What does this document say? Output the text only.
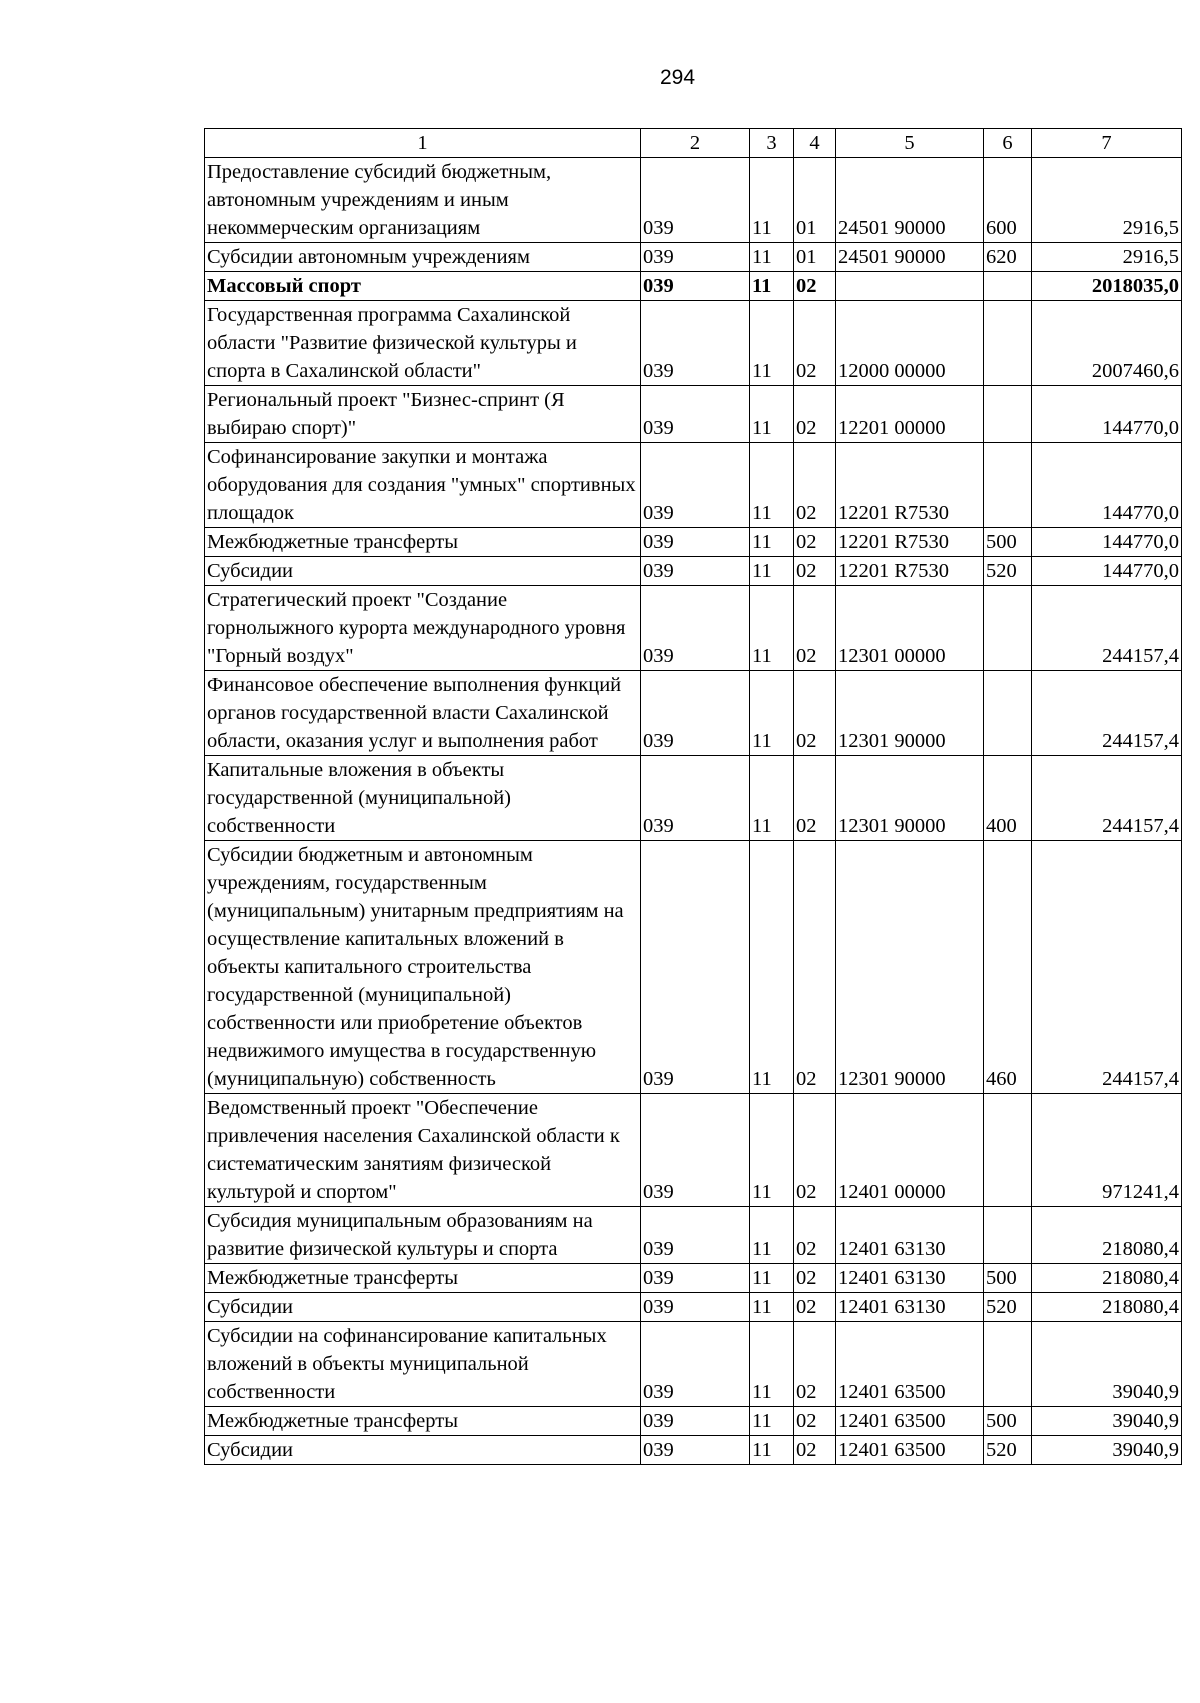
294
1	2	3	4	5	6	7
Предоставление субсидий бюджетным, автономным учреждениям и иным некоммерческим организациям	039	11	01	24501 90000	600	2916,5
Субсидии автономным учреждениям	039	11	01	24501 90000	620	2916,5
Массовый спорт	039	11	02			2018035,0
Государственная программа Сахалинской области "Развитие физической культуры и спорта в Сахалинской области"	039	11	02	12000 00000		2007460,6
Региональный проект "Бизнес-спринт (Я выбираю спорт)"	039	11	02	12201 00000		144770,0
Софинансирование закупки и монтажа оборудования для создания "умных" спортивных площадок	039	11	02	12201 R7530		144770,0
Межбюджетные трансферты	039	11	02	12201 R7530	500	144770,0
Субсидии	039	11	02	12201 R7530	520	144770,0
Стратегический проект "Создание горнолыжного курорта международного уровня "Горный воздух"	039	11	02	12301 00000		244157,4
Финансовое обеспечение выполнения функций органов государственной власти Сахалинской области, оказания услуг и выполнения работ	039	11	02	12301 90000		244157,4
Капитальные вложения в объекты государственной (муниципальной) собственности	039	11	02	12301 90000	400	244157,4
Субсидии бюджетным и автономным учреждениям, государственным (муниципальным) унитарным предприятиям на осуществление капитальных вложений в объекты капитального строительства государственной (муниципальной) собственности или приобретение объектов недвижимого имущества в государственную (муниципальную) собственность	039	11	02	12301 90000	460	244157,4
Ведомственный проект "Обеспечение привлечения населения Сахалинской области к систематическим занятиям физической культурой и спортом"	039	11	02	12401 00000		971241,4
Субсидия муниципальным образованиям на развитие физической культуры и спорта	039	11	02	12401 63130		218080,4
Межбюджетные трансферты	039	11	02	12401 63130	500	218080,4
Субсидии	039	11	02	12401 63130	520	218080,4
Субсидии на софинансирование капитальных вложений в объекты муниципальной собственности	039	11	02	12401 63500		39040,9
Межбюджетные трансферты	039	11	02	12401 63500	500	39040,9
Субсидии	039	11	02	12401 63500	520	39040,9
